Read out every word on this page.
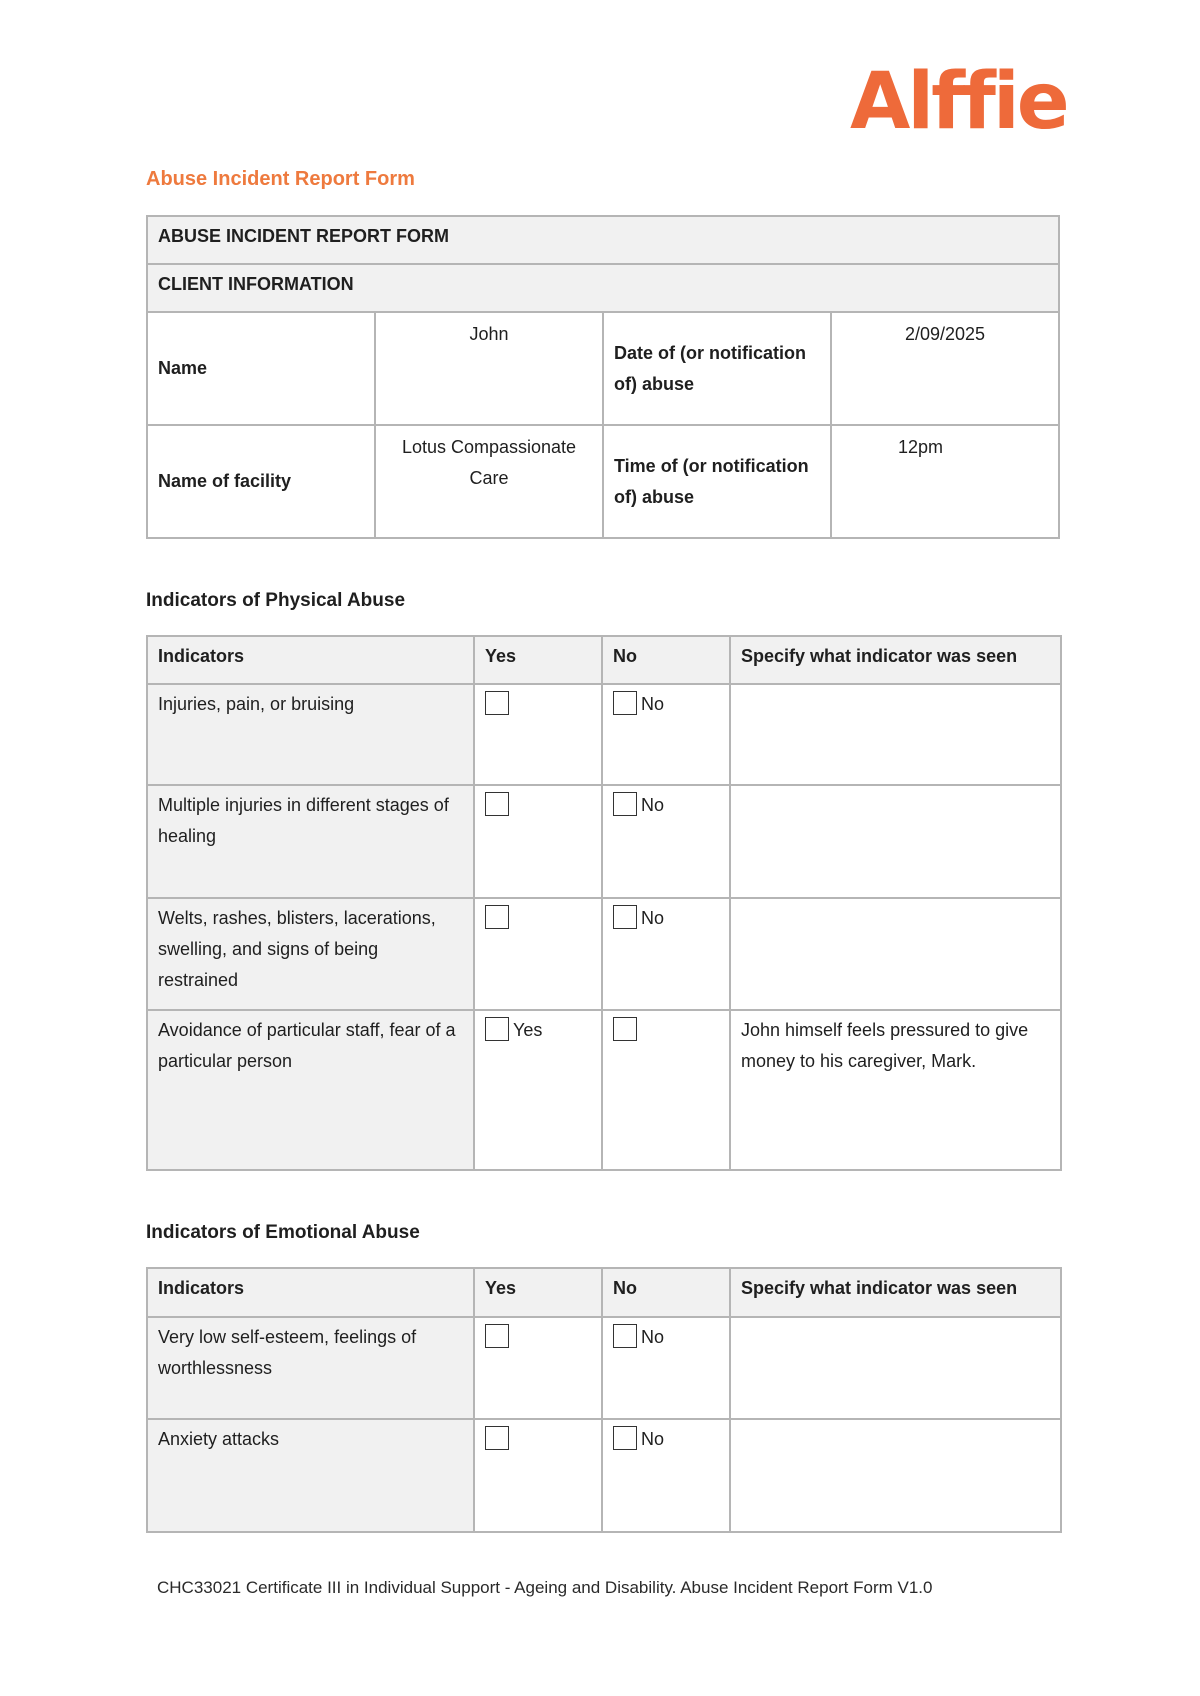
Alffie
Abuse Incident Report Form
ABUSE INCIDENT REPORT FORM			
CLIENT INFORMATION			
Name	John	Date of (or notification of) abuse	2/09/2025
Name of facility	Lotus Compassionate Care	Time of (or notification of) abuse	12pm
Indicators of Physical Abuse
Indicators	Yes	No	Specify what indicator was seen
Injuries, pain, or bruising		No	
Multiple injuries in different stages of healing		No	
Welts, rashes, blisters, lacerations, swelling, and signs of being restrained		No	
Avoidance of particular staff, fear of a particular person	Yes		John himself feels pressured to give money to his caregiver, Mark.
Indicators of Emotional Abuse
Indicators	Yes	No	Specify what indicator was seen
Very low self-esteem, feelings of worthlessness		No	
Anxiety attacks		No	
CHC33021 Certificate III in Individual Support - Ageing and Disability. Abuse Incident Report Form V1.0
